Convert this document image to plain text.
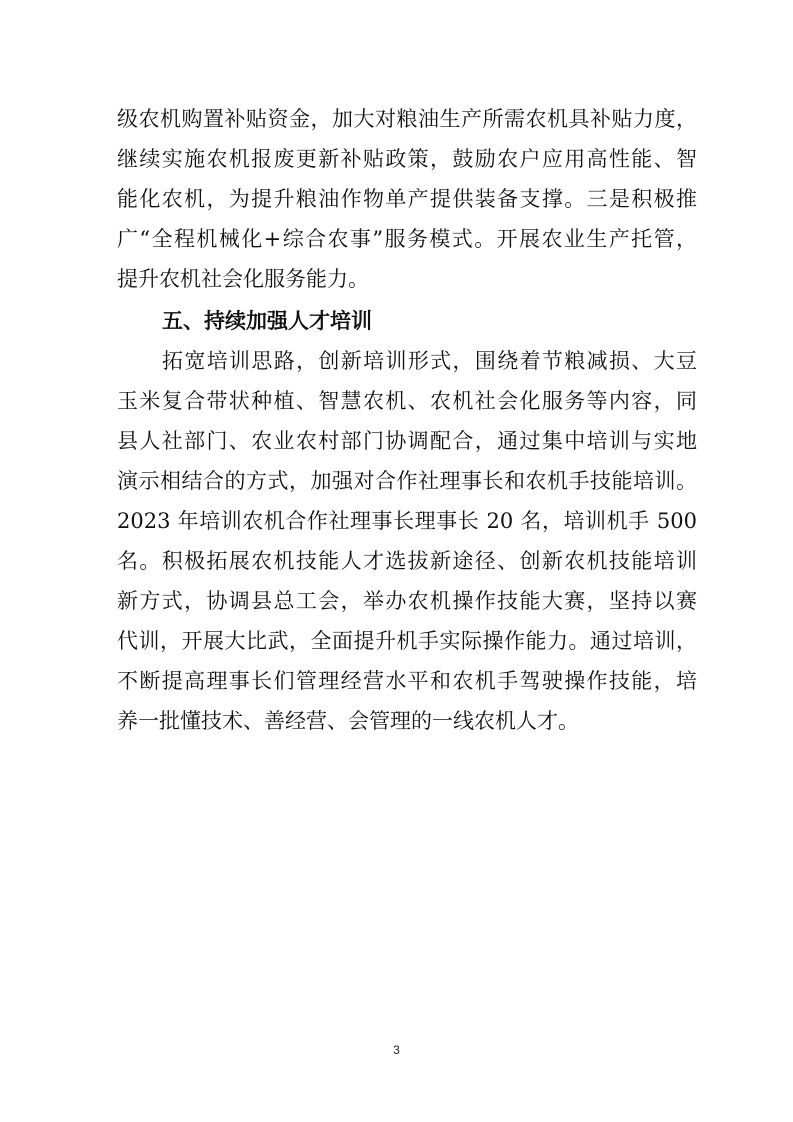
级农机购置补贴资金，加大对粮油生产所需农机具补贴力度，
继续实施农机报废更新补贴政策，鼓励农户应用高性能、智
能化农机，为提升粮油作物单产提供装备支撑。三是积极推
广“全程机械化+综合农事”服务模式。开展农业生产托管，
提升农机社会化服务能力。
五、持续加强人才培训
拓宽培训思路，创新培训形式，围绕着节粮减损、大豆
玉米复合带状种植、智慧农机、农机社会化服务等内容，同
县人社部门、农业农村部门协调配合，通过集中培训与实地
演示相结合的方式，加强对合作社理事长和农机手技能培训。
2023 年培训农机合作社理事长理事长 20 名，培训机手 500
名。积极拓展农机技能人才选拔新途径、创新农机技能培训
新方式，协调县总工会，举办农机操作技能大赛，坚持以赛
代训，开展大比武，全面提升机手实际操作能力。通过培训，
不断提高理事长们管理经营水平和农机手驾驶操作技能，培
养一批懂技术、善经营、会管理的一线农机人才。
3
